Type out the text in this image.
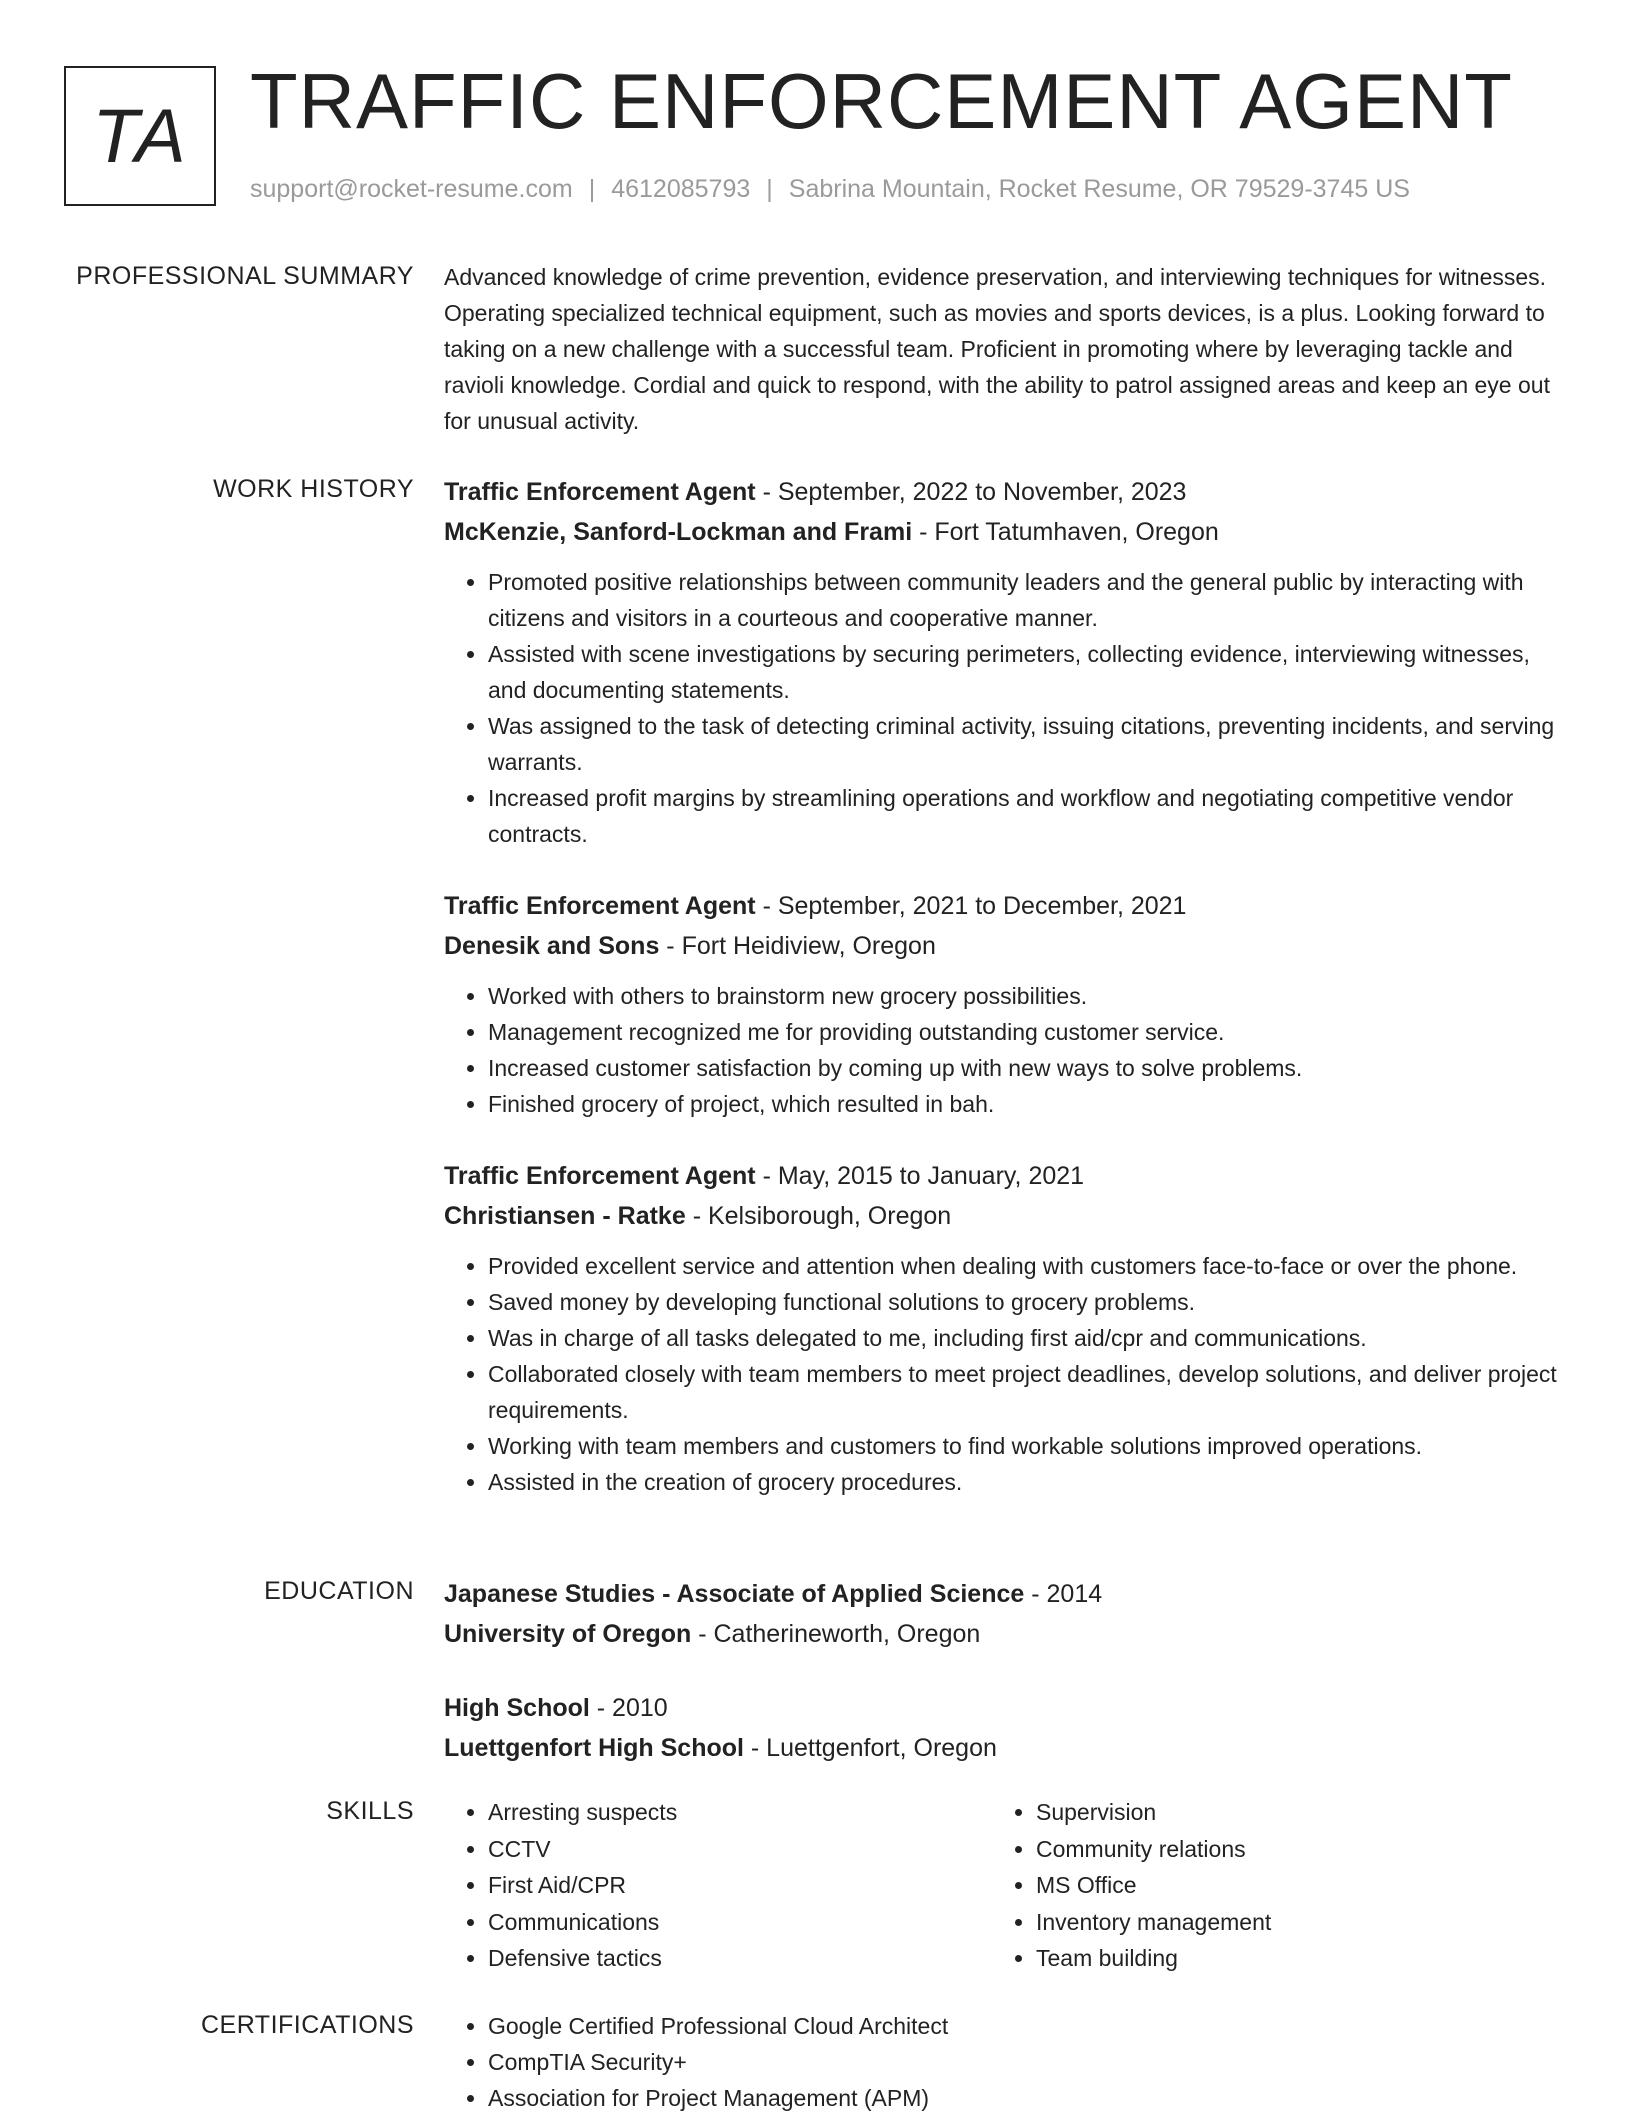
TA TRAFFIC ENFORCEMENT AGENT
support@rocket-resume.com | 4612085793 | Sabrina Mountain, Rocket Resume, OR 79529-3745 US
PROFESSIONAL SUMMARY Advanced knowledge of crime prevention, evidence preservation, and interviewing techniques for witnesses. Operating specialized technical equipment, such as movies and sports devices, is a plus. Looking forward to taking on a new challenge with a successful team. Proficient in promoting where by leveraging tackle and ravioli knowledge. Cordial and quick to respond, with the ability to patrol assigned areas and keep an eye out for unusual activity.

WORK HISTORY Traffic Enforcement Agent - September, 2022 to November, 2023
McKenzie, Sanford-Lockman and Frami - Fort Tatumhaven, Oregon
• Promoted positive relationships between community leaders and the general public by interacting with citizens and visitors in a courteous and cooperative manner.
• Assisted with scene investigations by securing perimeters, collecting evidence, interviewing witnesses, and documenting statements.
• Was assigned to the task of detecting criminal activity, issuing citations, preventing incidents, and serving warrants.
• Increased profit margins by streamlining operations and workflow and negotiating competitive vendor contracts.
Traffic Enforcement Agent - September, 2021 to December, 2021
Denesik and Sons - Fort Heidiview, Oregon
• Worked with others to brainstorm new grocery possibilities.
• Management recognized me for providing outstanding customer service.
• Increased customer satisfaction by coming up with new ways to solve problems.
• Finished grocery of project, which resulted in bah.
Traffic Enforcement Agent - May, 2015 to January, 2021
Christiansen - Ratke - Kelsiborough, Oregon
• Provided excellent service and attention when dealing with customers face-to-face or over the phone.
• Saved money by developing functional solutions to grocery problems.
• Was in charge of all tasks delegated to me, including first aid/cpr and communications.
• Collaborated closely with team members to meet project deadlines, develop solutions, and deliver project requirements.
• Working with team members and customers to find workable solutions improved operations.
• Assisted in the creation of grocery procedures.
EDUCATION Japanese Studies - Associate of Applied Science - 2014
University of Oregon - Catherineworth, Oregon
High School - 2010
Luettgenfort High School - Luettgenfort, Oregon
SKILLS	• Arresting suspects
• CCTV
• First Aid/CPR
• Communications
• Defensive tactics
• Supervision
• Community relations
• MS Office
• Inventory management
• Team building
CERTIFICATIONS	• Google Certified Professional Cloud Architect
• CompTIA Security+
• Association for Project Management (APM)
